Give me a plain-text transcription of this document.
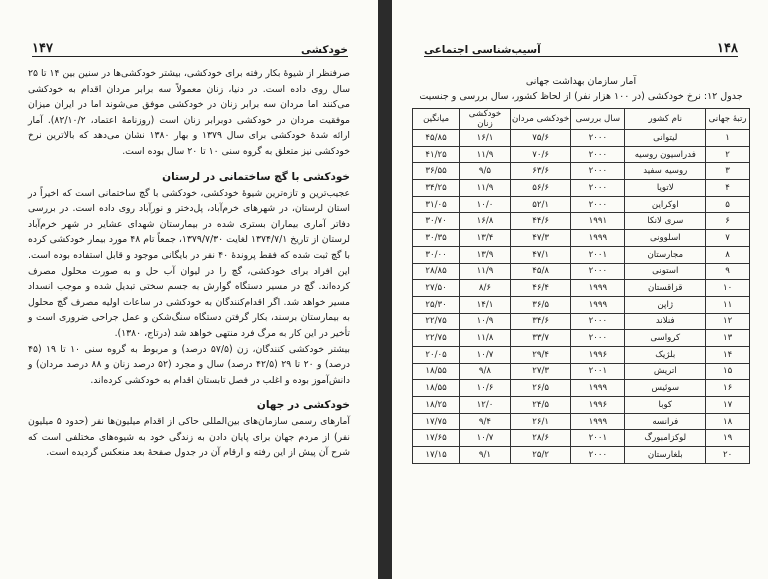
۱۴۷	خودکشی

صرفنظر از شیوهٔ بکار رفته برای خودکشی، بیشتر خودکشی‌ها در سنین بین ۱۴ تا ۲۵ سال روی داده است. در دنیا، زنان معمولاً سه برابر مردان اقدام به خودکشی می‌کنند اما مردان سه برابر زنان در خودکشی موفق می‌شوند اما در ایران میزان موفقیت مردان در خودکشی دوبرابر زنان است (روزنامهٔ اعتماد، ۸۲/۱۰/۲). آمار ارائه شدهٔ خودکشی برای سال ۱۳۷۹ و بهار ۱۳۸۰ نشان می‌دهد که بالاترین نرخ خودکشی نیز متعلق به گروه سنی ۱۰ تا ۲۰ سال بوده است.

خودکشی با گچ ساختمانی در لرستان

عجیب‌ترین و تازه‌ترین شیوهٔ خودکشی، خودکشی با گچ ساختمانی است که اخیراً در استان لرستان، در شهرهای خرم‌آباد، پل‌دختر و نورآباد روی داده است. در بررسی دفاتر آماری بیماران بستری شده در بیمارستان شهدای عشایر در شهر خرم‌آباد لرستان از تاریخ ۱۳۷۴/۷/۱ لغایت ۱۳۷۹/۷/۳۰، جمعاً تام ۴۸ مورد بیمار خودکشی کرده با گچ ثبت شده که فقط پروندهٔ ۴۰ نفر در بایگانی موجود و قابل استفاده بوده است. این افراد برای خودکشی، گچ را در لیوان آب حل و به صورت محلول مصرف کرده‌اند. گچ در مسیر دستگاه گوارش به جسم سختی تبدیل شده و موجب انسداد مسیر خواهد شد. اگر اقدام‌کنندگان به خودکشی در ساعات اولیه مصرف گچ محلول به بیمارستان برسند، بکار گرفتن دستگاه سنگ‌شکن و عمل جراحی ضروری است و تأخیر در این کار به مرگ فرد منتهی خواهد شد (درتاج، ۱۳۸۰).

بیشتر خودکشی کنندگان، زن (۵۷/۵ درصد) و مربوط به گروه سنی ۱۰ تا ۱۹ (۴۵ درصد) و ۲۰ تا ۲۹ (۴۲/۵ درصد) سال و مجرد (۵۲ درصد زنان و ۸۸ درصد مردان) و دانش‌آموز بوده و اغلب در فصل تابستان اقدام به خودکشی کرده‌اند.

خودکشی در جهان

آمارهای رسمی سازمان‌های بین‌المللی حاکی از اقدام میلیون‌ها نفر (حدود ۵ میلیون نفر) از مردم جهان برای پایان دادن به زندگی خود به شیوه‌های مختلفی است که شرح آن پیش از این رفته و ارقام آن در جدول صفحهٔ بعد منعکس گردیده است.

آسیب‌شناسی اجتماعی	۱۴۸
آمار سازمان بهداشت جهانی
جدول ۱۲: نرخ خودکشی (در ۱۰۰ هزار نفر) از لحاظ کشور، سال بررسی و جنسیت
رتبهٔ جهانی	نام کشور	سال بررسی	خودکشی مردان	خودکشی زنان	میانگین
۱	لیتوانی	۲۰۰۰	۷۵/۶	۱۶/۱	۴۵/۸۵
۲	فدراسیون روسیه	۲۰۰۰	۷۰/۶	۱۱/۹	۴۱/۲۵
۳	روسیه سفید	۲۰۰۰	۶۳/۶	۹/۵	۳۶/۵۵
۴	لاتویا	۲۰۰۰	۵۶/۶	۱۱/۹	۳۴/۲۵
۵	اوکراین	۲۰۰۰	۵۲/۱	۱۰/۰	۳۱/۰۵
۶	سری لانکا	۱۹۹۱	۴۴/۶	۱۶/۸	۳۰/۷۰
۷	اسلوونی	۱۹۹۹	۴۷/۳	۱۳/۴	۳۰/۳۵
۸	مجارستان	۲۰۰۱	۴۷/۱	۱۳/۹	۳۰/۰۰
۹	استونی	۲۰۰۰	۴۵/۸	۱۱/۹	۲۸/۸۵
۱۰	قزاقستان	۱۹۹۹	۴۶/۴	۸/۶	۲۷/۵۰
۱۱	ژاپن	۱۹۹۹	۳۶/۵	۱۴/۱	۲۵/۳۰
۱۲	فنلاند	۲۰۰۰	۳۴/۶	۱۰/۹	۲۲/۷۵
۱۳	کرواسی	۲۰۰۰	۳۳/۷	۱۱/۸	۲۲/۷۵
۱۴	بلژیک	۱۹۹۶	۲۹/۴	۱۰/۷	۲۰/۰۵
۱۵	اتریش	۲۰۰۱	۲۷/۳	۹/۸	۱۸/۵۵
۱۶	سوئیس	۱۹۹۹	۲۶/۵	۱۰/۶	۱۸/۵۵
۱۷	کوبا	۱۹۹۶	۲۴/۵	۱۲/۰	۱۸/۲۵
۱۸	فرانسه	۱۹۹۹	۲۶/۱	۹/۴	۱۷/۷۵
۱۹	لوکزامبورگ	۲۰۰۱	۲۸/۶	۱۰/۷	۱۷/۶۵
۲۰	بلغارستان	۲۰۰۰	۲۵/۲	۹/۱	۱۷/۱۵
